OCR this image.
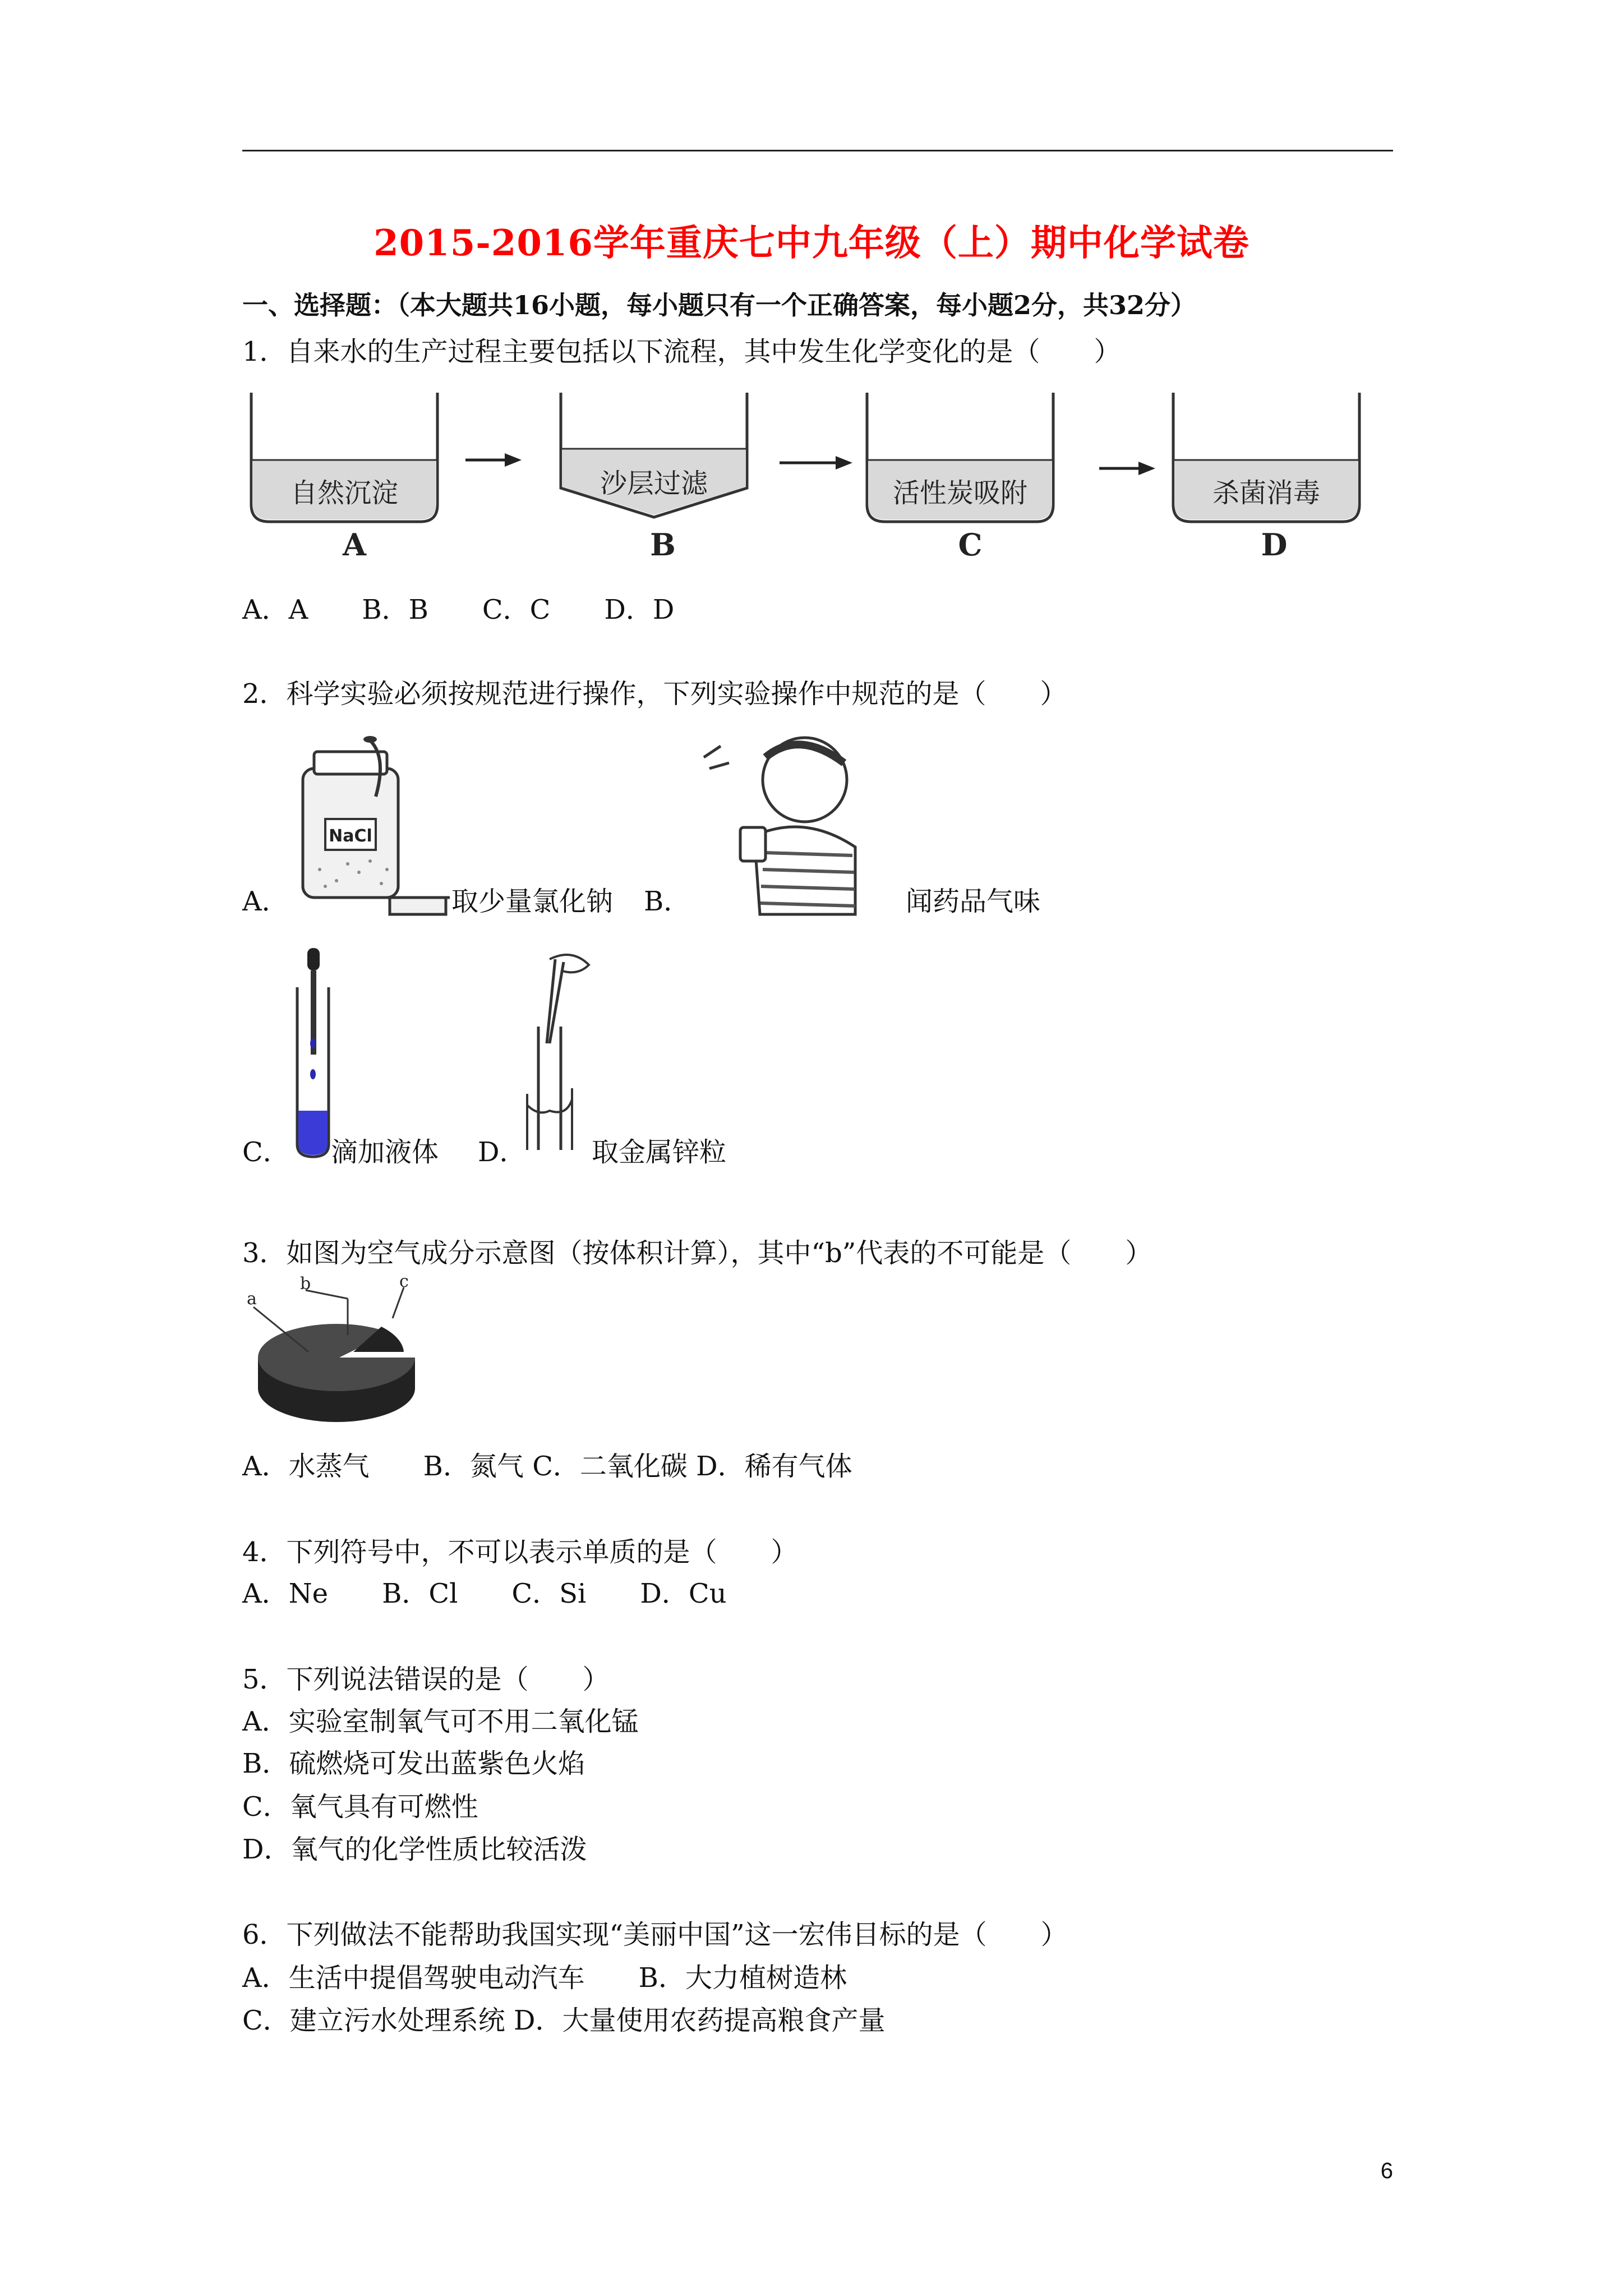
2015-2016学年重庆七中九年级（上）期中化学试卷
一、选择题：（本大题共16小题，每小题只有一个正确答案，每小题2分，共32分）
1．自来水的生产过程主要包括以下流程，其中发生化学变化的是（　　）
自然沉淀
A
沙层过滤
B
活性炭吸附
C
杀菌消毒
D
A．A　　B．B　　C．C　　D．D
2．科学实验必须按规范进行操作，下列实验操作中规范的是（　　）
A．
NaCl
取少量氯化钠 B．	闻药品气味
C． 滴加液体 D． 取金属锌粒
3．如图为空气成分示意图（按体积计算），其中“b”代表的不可能是（　　）
a
b	c
A．水蒸气　　B．氮气 C．二氧化碳 D．稀有气体
4．下列符号中，不可以表示单质的是（　　）
A．Ne　　B．Cl　　C．Si　　D．Cu
5．下列说法错误的是（　　）
A．实验室制氧气可不用二氧化锰
B．硫燃烧可发出蓝紫色火焰
C．氧气具有可燃性
D．氧气的化学性质比较活泼
6．下列做法不能帮助我国实现“美丽中国”这一宏伟目标的是（　　）
A．生活中提倡驾驶电动汽车　　B．大力植树造林
C．建立污水处理系统 D．大量使用农药提高粮食产量
6
